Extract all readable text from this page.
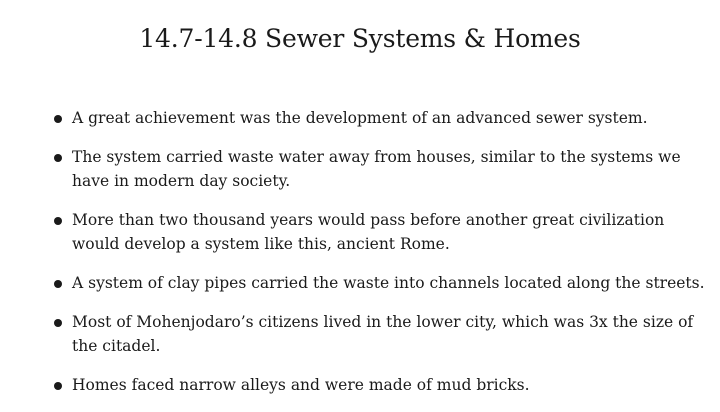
14.7-14.8 Sewer Systems & Homes
A great achievement was the development of an advanced sewer system.
The system carried waste water away from houses, similar to the systems we have in modern day society.
More than two thousand years would pass before another great civilization would develop a system like this, ancient Rome.
A system of clay pipes carried the waste into channels located along the streets.
Most of Mohenjodaro’s citizens lived in the lower city, which was 3x the size of the citadel.
Homes faced narrow alleys and were made of mud bricks.
